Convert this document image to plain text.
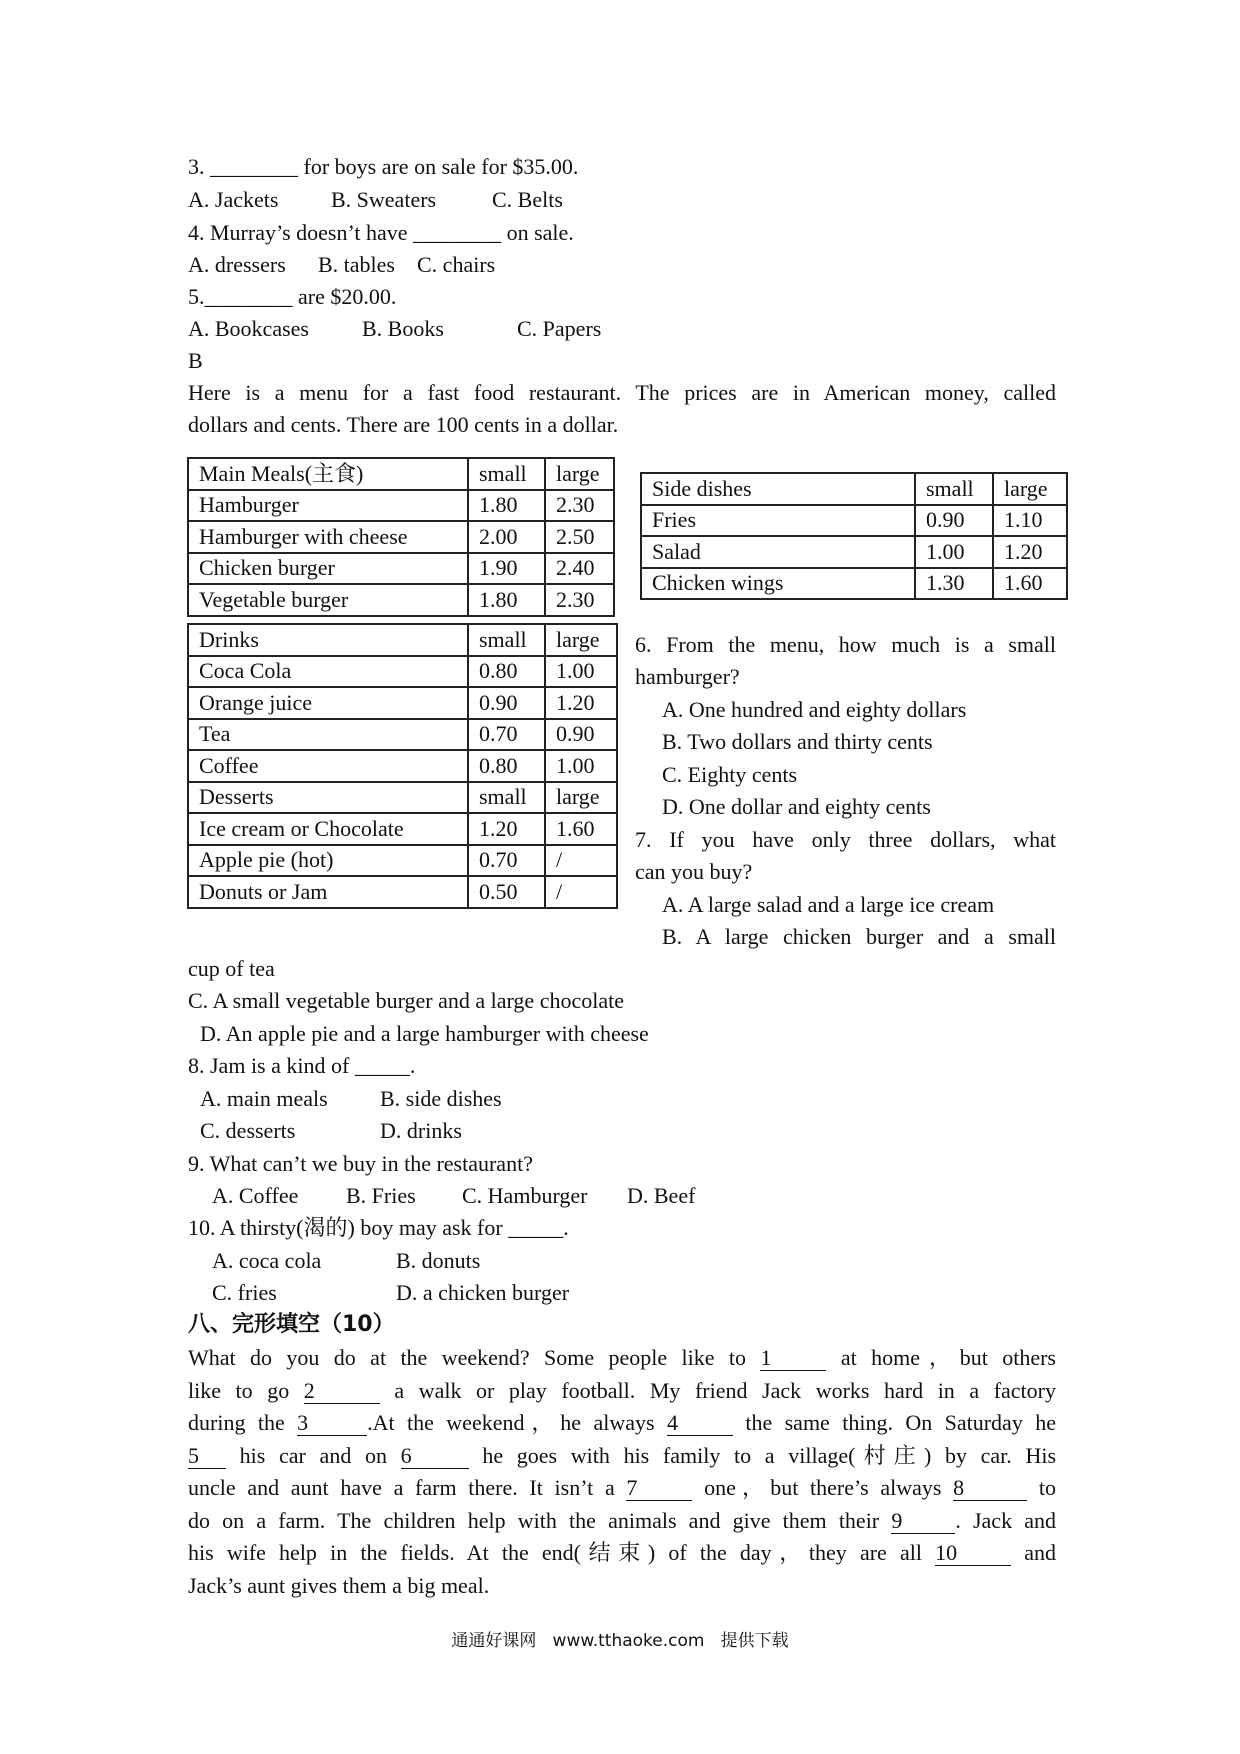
3. ________ for boys are on sale for $35.00.
A. Jackets B. Sweaters	C. Belts
4. Murray’s doesn’t have ________ on sale.
A. dressers B. tables C. chairs
5.________ are $20.00.
A. Bookcases B. Books	C. Papers
B
Here is a menu for a fast food restaurant. The prices are in American money, called
dollars and cents. There are 100 cents in a dollar.
Main Meals(主食)	small	large
Hamburger	1.80	2.30
Hamburger with cheese	2.00	2.50
Chicken burger	1.90	2.40
Vegetable burger	1.80	2.30
Drinks	small	large
Coca Cola	0.80	1.00
Orange juice	0.90	1.20
Tea	0.70	0.90
Coffee	0.80	1.00
Desserts	small	large
Ice cream or Chocolate	1.20	1.60
Apple pie (hot)	0.70	/
Donuts or Jam	0.50	/
Side dishes	small	large
Fries	0.90	1.10
Salad	1.00	1.20
Chicken wings	1.30	1.60
6. From the menu, how much is a small
hamburger?
A. One hundred and eighty dollars
B. Two dollars and thirty cents
C. Eighty cents
D. One dollar and eighty cents
7. If you have only three dollars, what
can you buy?
A. A large salad and a large ice cream
B. A large chicken burger and a small
cup of tea
C. A small vegetable burger and a large chocolate
D. An apple pie and a large hamburger with cheese
8. Jam is a kind of _____.
A. main meals B. side dishes
C. desserts	D. drinks
9. What can’t we buy in the restaurant?
A. Coffee B. Fries C. Hamburger D. Beef
10. A thirsty(渴的) boy may ask for _____.
A. coca cola	B. donuts
C. fries	D. a chicken burger
八、完形填空（10）
What do you do at the weekend? Some people like to 1	at home，but others
like to go 2	a walk or play football. My friend Jack works hard in a factory
during the 3	.At the weekend，he always 4	the same thing. On Saturday he
5 his car and on 6	he goes with his family to a village(村庄) by car. His
uncle and aunt have a farm there. It isn’t a 7	one，but there’s always 8	to
do on a farm. The children help with the animals and give them their 9 . Jack and
his wife help in the fields. At the end(结束) of the day，they are all 10 and
Jack’s aunt gives them a big meal.
通通好课网   www.tthaoke.com   提供下载
